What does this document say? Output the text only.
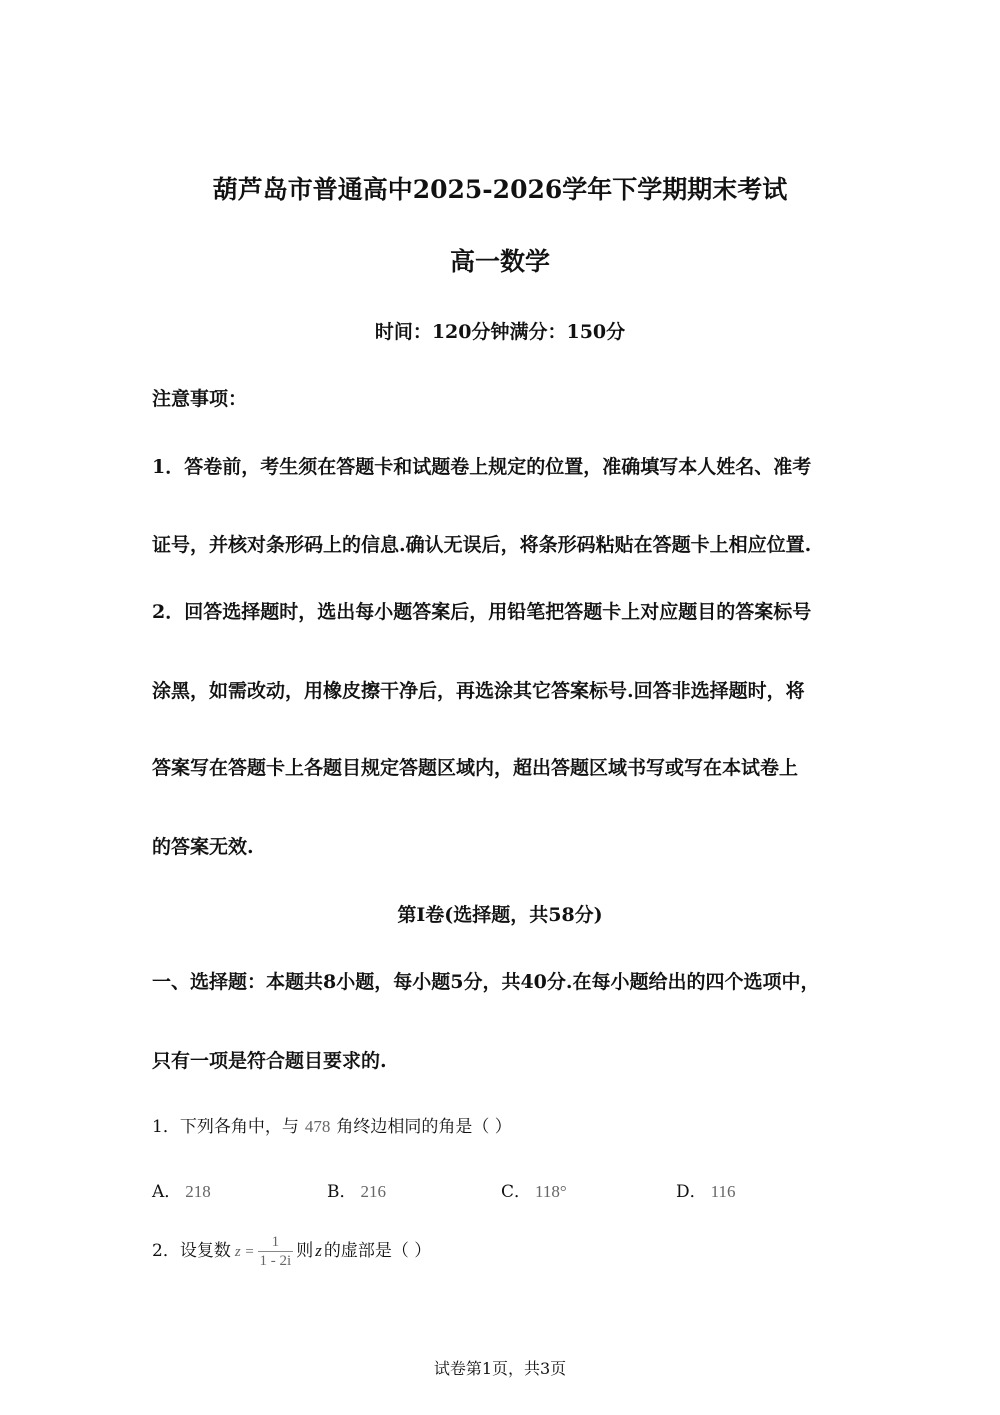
葫芦岛市普通高中2025-2026学年下学期期末考试
高一数学
时间：120分钟满分：150分
注意事项：
1．答卷前，考生须在答题卡和试题卷上规定的位置，准确填写本人姓名、准考
证号，并核对条形码上的信息.确认无误后，将条形码粘贴在答题卡上相应位置.
2．回答选择题时，选出每小题答案后，用铅笔把答题卡上对应题目的答案标号
涂黑，如需改动，用橡皮擦干净后，再选涂其它答案标号.回答非选择题时，将
答案写在答题卡上各题目规定答题区域内，超出答题区域书写或写在本试卷上
的答案无效.
第I卷(选择题，共58分)
一、选择题：本题共8小题，每小题5分，共40分.在每小题给出的四个选项中，
只有一项是符合题目要求的.
1．下列各角中，与 478 角终边相同的角是（ ）
A． 218	B． 216	C． 118°	D． 116
2．设复数 $z = \frac{1}{1 - 2i}$ 则 z 的虚部是（ ）
试卷第1页，共3页
